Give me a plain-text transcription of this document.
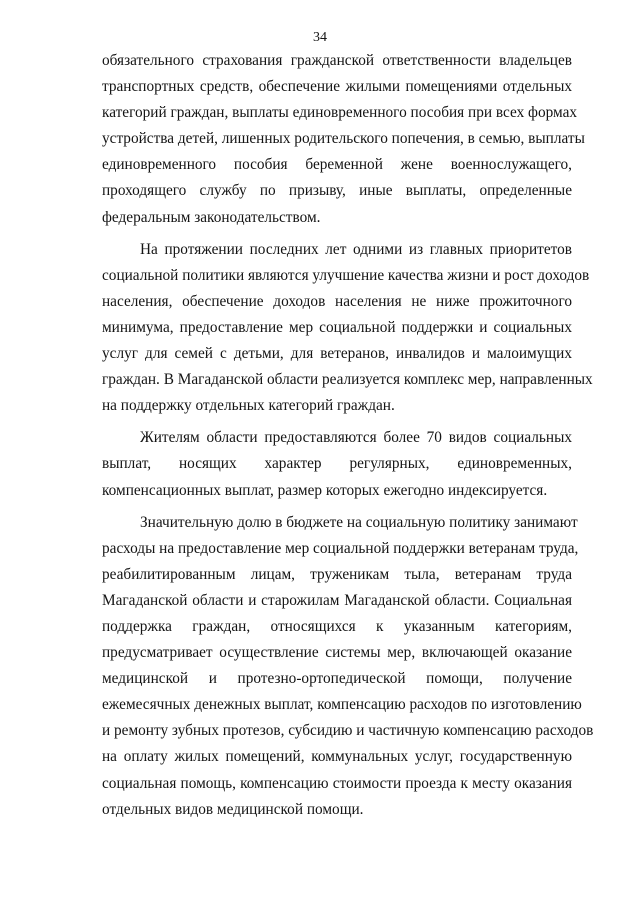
34
обязательного страхования гражданской ответственности владельцев
транспортных средств, обеспечение жилыми помещениями отдельных
категорий граждан, выплаты единовременного пособия при всех формах
устройства детей, лишенных родительского попечения, в семью, выплаты
единовременного пособия беременной жене военнослужащего,
проходящего службу по призыву, иные выплаты, определенные
федеральным законодательством.
На протяжении последних лет одними из главных приоритетов
социальной политики являются улучшение качества жизни и рост доходов
населения, обеспечение доходов населения не ниже прожиточного
минимума, предоставление мер социальной поддержки и социальных
услуг для семей с детьми, для ветеранов, инвалидов и малоимущих
граждан. В Магаданской области реализуется комплекс мер, направленных
на поддержку отдельных категорий граждан.
Жителям области предоставляются более 70 видов социальных
выплат, носящих характер регулярных, единовременных,
компенсационных выплат, размер которых ежегодно индексируется.
Значительную долю в бюджете на социальную политику занимают
расходы на предоставление мер социальной поддержки ветеранам труда,
реабилитированным лицам, труженикам тыла, ветеранам труда
Магаданской области и старожилам Магаданской области. Социальная
поддержка граждан, относящихся к указанным категориям,
предусматривает осуществление системы мер, включающей оказание
медицинской и протезно-ортопедической помощи, получение
ежемесячных денежных выплат, компенсацию расходов по изготовлению
и ремонту зубных протезов, субсидию и частичную компенсацию расходов
на оплату жилых помещений, коммунальных услуг, государственную
социальная помощь, компенсацию стоимости проезда к месту оказания
отдельных видов медицинской помощи.
